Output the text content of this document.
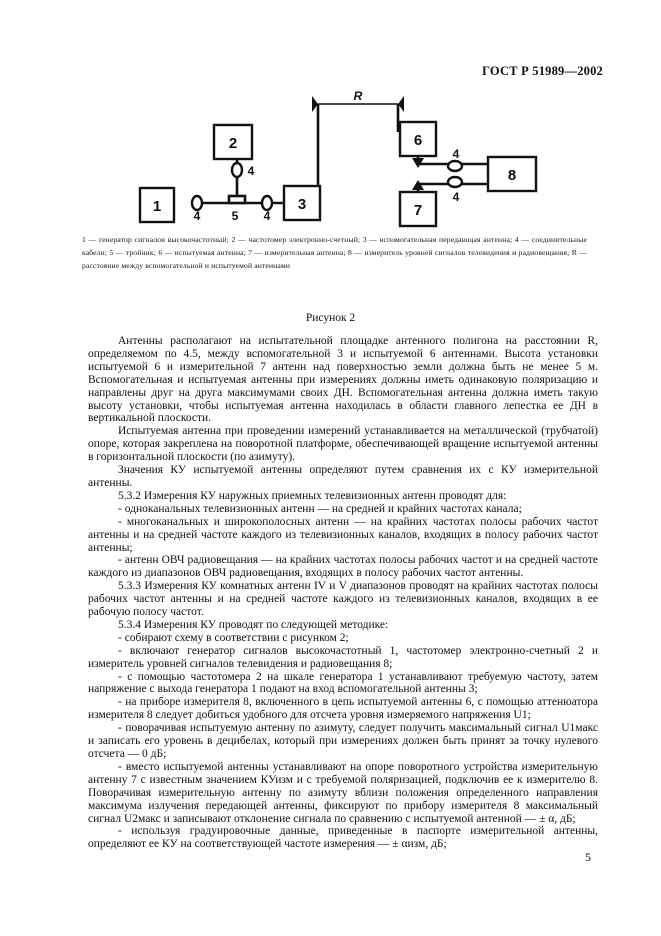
ГОСТ Р 51989—2002
1
2
3
6
7
8
4	5 4
4
4
4
R
1 — генератор сигналов высокочастотный; 2 — частотомер электронно-счетный; 3 — вспомогательная передающая антенна; 4 — соединительные кабели; 5 — тройник; 6 — испытуемая антенна; 7 — измерительная антенна; 8 — измеритель уровней сигналов телевидения и радиовещания; R — расстояние между вспомогательной и испытуемой антеннами
Рисунок 2

Антенны располагают на испытательной площадке антенного полигона на расстоянии R, определяемом по 4.5, между вспомогательной 3 и испытуемой 6 антеннами. Высота установки испытуемой 6 и измерительной 7 антенн над поверхностью земли должна быть не менее 5 м. Вспомогательная и испытуемая антенны при измерениях должны иметь одинаковую поляризацию и направлены друг на друга максимумами своих ДН. Вспомогательная антенна должна иметь такую высоту установки, чтобы испытуемая антенна находилась в области главного лепестка ее ДН в вертикальной плоскости.

Испытуемая антенна при проведении измерений устанавливается на металлической (трубчатой) опоре, которая закреплена на поворотной платформе, обеспечивающей вращение испытуемой антенны в горизонтальной плоскости (по азимуту).

Значения КУ испытуемой антенны определяют путем сравнения их с КУ измерительной антенны.

5.3.2 Измерения КУ наружных приемных телевизионных антенн проводят для:

- одноканальных телевизионных антенн — на средней и крайних частотах канала;

- многоканальных и широкополосных антенн — на крайних частотах полосы рабочих частот антенны и на средней частоте каждого из телевизионных каналов, входящих в полосу рабочих частот антенны;

- антенн ОВЧ радиовещания — на крайних частотах полосы рабочих частот и на средней частоте каждого из диапазонов ОВЧ радиовещания, входящих в полосу рабочих частот антенны.

5.3.3 Измерения КУ комнатных антенн IV и V диапазонов проводят на крайних частотах полосы рабочих частот антенны и на средней частоте каждого из телевизионных каналов, входящих в ее рабочую полосу частот.

5.3.4 Измерения КУ проводят по следующей методике:

- собирают схему в соответствии с рисунком 2;

- включают генератор сигналов высокочастотный 1, частотомер электронно-счетный 2 и измеритель уровней сигналов телевидения и радиовещания 8;

- с помощью частотомера 2 на шкале генератора 1 устанавливают требуемую частоту, затем напряжение с выхода генератора 1 подают на вход вспомогательной антенны 3;

- на приборе измерителя 8, включенного в цепь испытуемой антенны 6, с помощью аттенюатора измерителя 8 следует добиться удобного для отсчета уровня измеряемого напряжения U1;

- поворачивая испытуемую антенну по азимуту, следует получить максимальный сигнал U1макс и записать его уровень в децибелах, который при измерениях должен быть принят за точку нулевого отсчета — 0 дБ;

- вместо испытуемой антенны устанавливают на опоре поворотного устройства измерительную антенну 7 с известным значением КУизм и с требуемой поляризацией, подключив ее к измерителю 8. Поворачивая измерительную антенну по азимуту вблизи положения определенного направления максимума излучения передающей антенны, фиксируют по прибору измерителя 8 максимальный сигнал U2макс и записывают отклонение сигнала по сравнению с испытуемой антенной — ± α, дБ;

- используя градуировочные данные, приведенные в паспорте измерительной антенны, определяют ее КУ на соответствующей частоте измерения — ± αизм, дБ;

5
